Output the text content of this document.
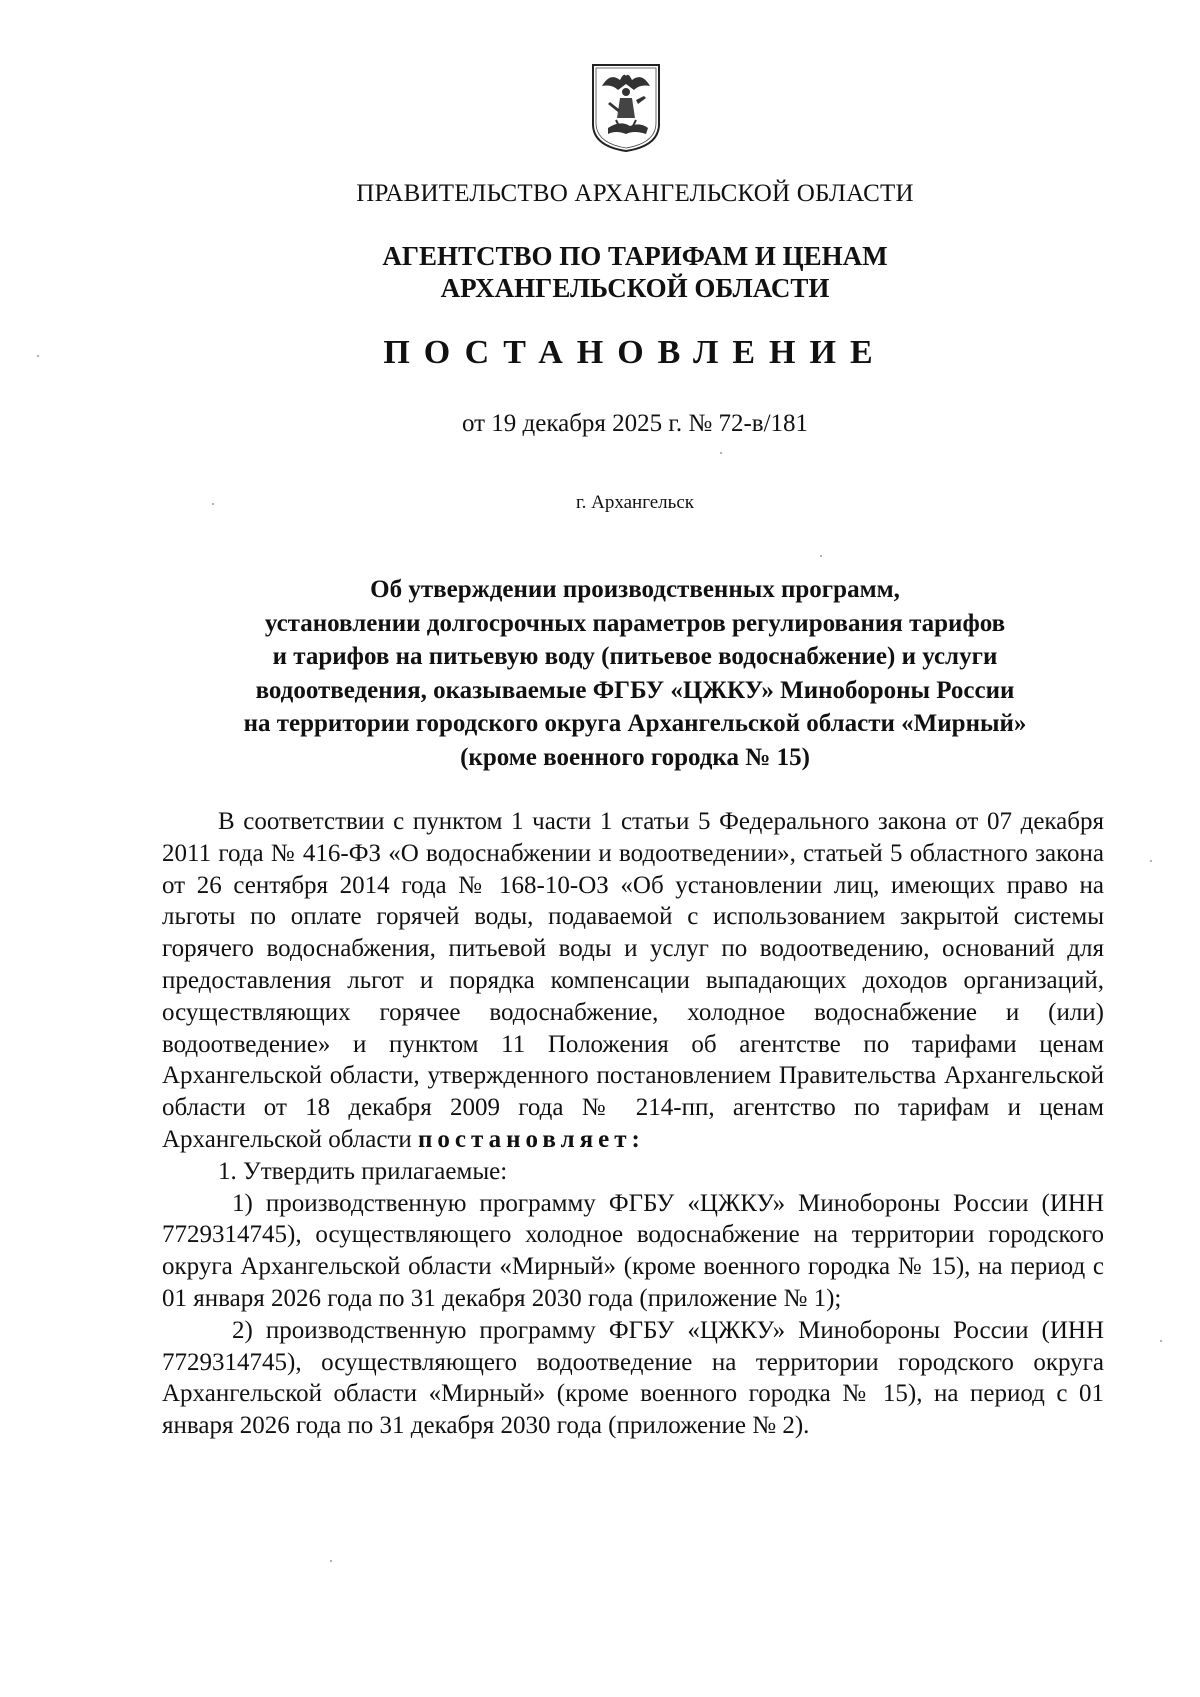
ПРАВИТЕЛЬСТВО АРХАНГЕЛЬСКОЙ ОБЛАСТИ
АГЕНТСТВО ПО ТАРИФАМ И ЦЕНАМ
АРХАНГЕЛЬСКОЙ ОБЛАСТИ
ПОСТАНОВЛЕНИЕ
от 19 декабря 2025 г. № 72-в/181
г. Архангельск
Об утверждении производственных программ,
установлении долгосрочных параметров регулирования тарифов
и тарифов на питьевую воду (питьевое водоснабжение) и услуги
водоотведения, оказываемые ФГБУ «ЦЖКУ» Минобороны России
на территории городского округа Архангельской области «Мирный»
(кроме военного городка № 15)

В соответствии с пунктом 1 части 1 статьи 5 Федерального закона от 07 декабря 2011 года № 416-ФЗ «О водоснабжении и водоотведении», статьей 5 областного закона от 26 сентября 2014 года № 168-10-ОЗ «Об установлении лиц, имеющих право на льготы по оплате горячей воды, подаваемой с использованием закрытой системы горячего водоснабжения, питьевой воды и услуг по водоотведению, оснований для предоставления льгот и порядка компенсации выпадающих доходов организаций, осуществляющих горячее водоснабжение, холодное водоснабжение и (или) водоотведение» и пунктом 11 Положения об агентстве по тарифами ценам Архангельской области, утвержденного постановлением Правительства Архангельской области от 18 декабря 2009 года № 214-пп, агентство по тарифам и ценам Архангельской области постановляет:

1. Утвердить прилагаемые:

1) производственную программу ФГБУ «ЦЖКУ» Минобороны России (ИНН 7729314745), осуществляющего холодное водоснабжение на территории городского округа Архангельской области «Мирный» (кроме военного городка № 15), на период с 01 января 2026 года по 31 декабря 2030 года (приложение № 1);

2) производственную программу ФГБУ «ЦЖКУ» Минобороны России (ИНН 7729314745), осуществляющего водоотведение на территории городского округа Архангельской области «Мирный» (кроме военного городка № 15), на период с 01 января 2026 года по 31 декабря 2030 года (приложение № 2).
